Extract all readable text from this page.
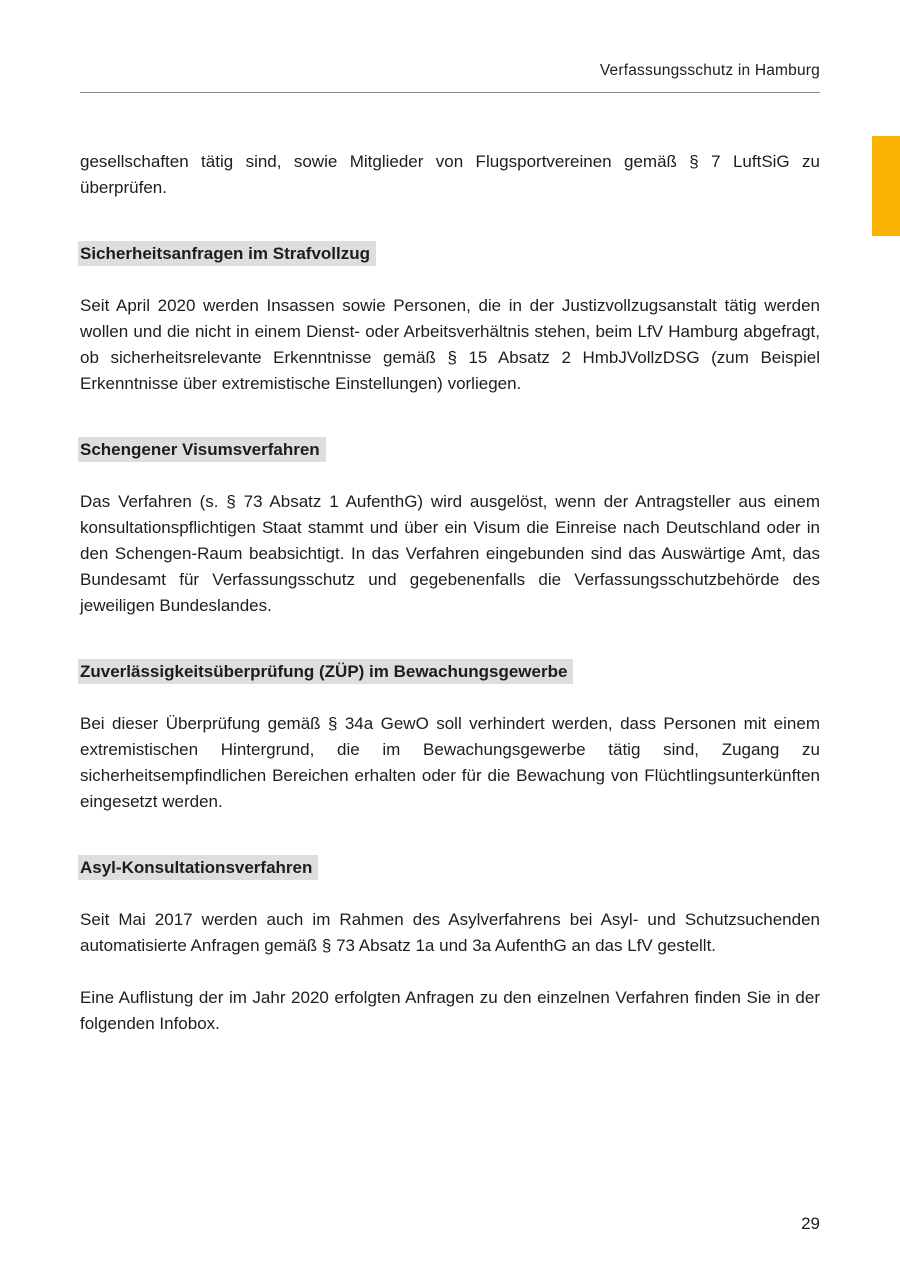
Verfassungsschutz in Hamburg

gesellschaften tätig sind, sowie Mitglieder von Flugsportvereinen gemäß § 7 LuftSiG zu überprüfen.

Sicherheitsanfragen im Strafvollzug

Seit April 2020 werden Insassen sowie Personen, die in der Justizvollzugsanstalt tätig werden wollen und die nicht in einem Dienst- oder Arbeitsverhältnis stehen, beim LfV Hamburg abgefragt, ob sicherheitsrelevante Erkenntnisse gemäß § 15 Absatz 2 HmbJVollzDSG (zum Beispiel Erkenntnisse über extremistische Einstellungen) vorliegen.

Schengener Visumsverfahren

Das Verfahren (s. § 73 Absatz 1 AufenthG) wird ausgelöst, wenn der Antragsteller aus einem konsultationspflichtigen Staat stammt und über ein Visum die Einreise nach Deutschland oder in den Schengen-Raum beabsichtigt. In das Verfahren eingebunden sind das Auswärtige Amt, das Bundesamt für Verfassungsschutz und gegebenenfalls die Verfassungsschutzbehörde des jeweiligen Bundeslandes.

Zuverlässigkeitsüberprüfung (ZÜP) im Bewachungsgewerbe

Bei dieser Überprüfung gemäß § 34a GewO soll verhindert werden, dass Personen mit einem extremistischen Hintergrund, die im Bewachungsgewerbe tätig sind, Zugang zu sicherheitsempfindlichen Bereichen erhalten oder für die Bewachung von Flüchtlingsunterkünften eingesetzt werden.

Asyl-Konsultationsverfahren

Seit Mai 2017 werden auch im Rahmen des Asylverfahrens bei Asyl- und Schutzsuchenden automatisierte Anfragen gemäß § 73 Absatz 1a und 3a AufenthG an das LfV gestellt.

Eine Auflistung der im Jahr 2020 erfolgten Anfragen zu den einzelnen Verfahren finden Sie in der folgenden Infobox.

29
